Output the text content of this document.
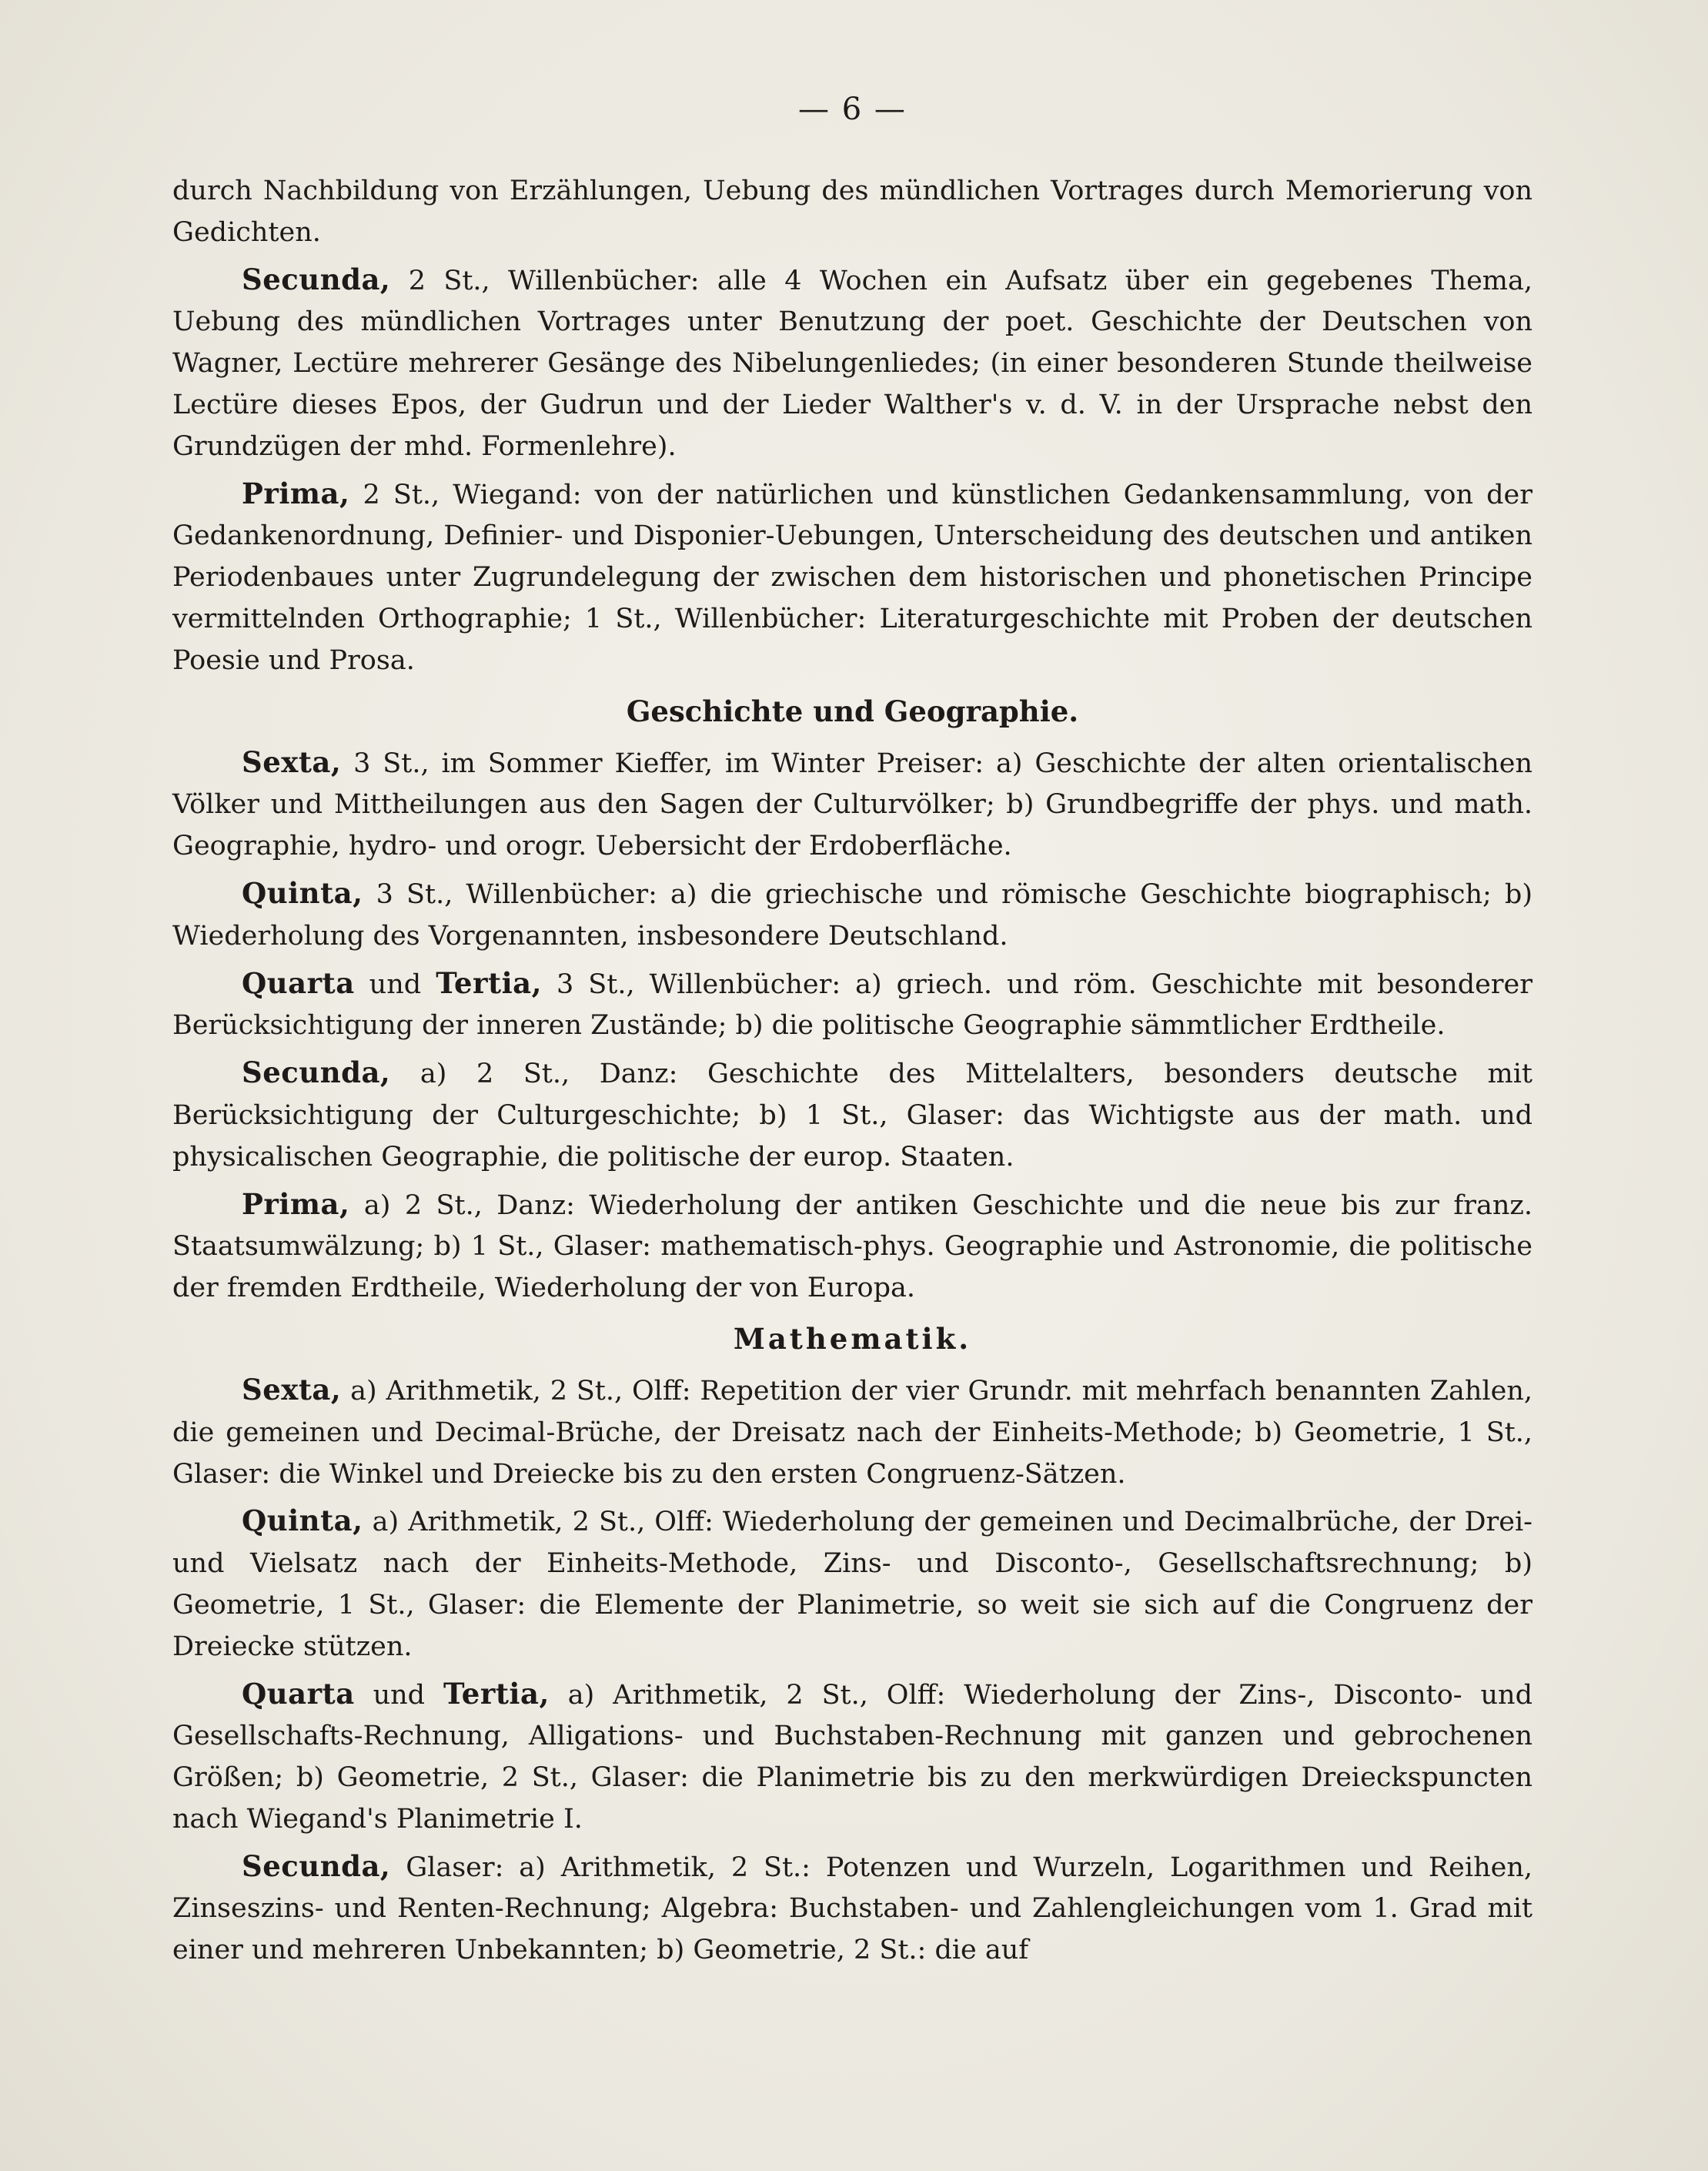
— 6 —

durch Nachbildung von Erzählungen, Uebung des mündlichen Vortrages durch Memorierung von Gedichten.

Secunda, 2 St., Willenbücher: alle 4 Wochen ein Aufsatz über ein gegebenes Thema, Uebung des mündlichen Vortrages unter Benutzung der poet. Geschichte der Deutschen von Wagner, Lectüre mehrerer Gesänge des Nibelungenliedes; (in einer besonderen Stunde theilweise Lectüre dieses Epos, der Gudrun und der Lieder Walther's v. d. V. in der Ursprache nebst den Grundzügen der mhd. Formenlehre).

Prima, 2 St., Wiegand: von der natürlichen und künstlichen Gedankensammlung, von der Gedankenordnung, Definier- und Disponier-Uebungen, Unterscheidung des deutschen und antiken Periodenbaues unter Zugrundelegung der zwischen dem historischen und phonetischen Principe vermittelnden Orthographie; 1 St., Willenbücher: Literaturgeschichte mit Proben der deutschen Poesie und Prosa.

Geschichte und Geographie.

Sexta, 3 St., im Sommer Kieffer, im Winter Preiser: a) Geschichte der alten orientalischen Völker und Mittheilungen aus den Sagen der Culturvölker; b) Grundbegriffe der phys. und math. Geographie, hydro- und orogr. Uebersicht der Erdoberfläche.

Quinta, 3 St., Willenbücher: a) die griechische und römische Geschichte biographisch; b) Wiederholung des Vorgenannten, insbesondere Deutschland.

Quarta und Tertia, 3 St., Willenbücher: a) griech. und röm. Geschichte mit besonderer Berücksichtigung der inneren Zustände; b) die politische Geographie sämmtlicher Erdtheile.

Secunda, a) 2 St., Danz: Geschichte des Mittelalters, besonders deutsche mit Berücksichtigung der Culturgeschichte; b) 1 St., Glaser: das Wichtigste aus der math. und physicalischen Geographie, die politische der europ. Staaten.

Prima, a) 2 St., Danz: Wiederholung der antiken Geschichte und die neue bis zur franz. Staatsumwälzung; b) 1 St., Glaser: mathematisch-phys. Geographie und Astronomie, die politische der fremden Erdtheile, Wiederholung der von Europa.

Mathematik.

Sexta, a) Arithmetik, 2 St., Olff: Repetition der vier Grundr. mit mehrfach benannten Zahlen, die gemeinen und Decimal-Brüche, der Dreisatz nach der Einheits-Methode; b) Geometrie, 1 St., Glaser: die Winkel und Dreiecke bis zu den ersten Congruenz-Sätzen.

Quinta, a) Arithmetik, 2 St., Olff: Wiederholung der gemeinen und Decimalbrüche, der Drei- und Vielsatz nach der Einheits-Methode, Zins- und Disconto-, Gesellschaftsrechnung; b) Geometrie, 1 St., Glaser: die Elemente der Planimetrie, so weit sie sich auf die Congruenz der Dreiecke stützen.

Quarta und Tertia, a) Arithmetik, 2 St., Olff: Wiederholung der Zins-, Disconto- und Gesellschafts-Rechnung, Alligations- und Buchstaben-Rechnung mit ganzen und gebrochenen Größen; b) Geometrie, 2 St., Glaser: die Planimetrie bis zu den merkwürdigen Dreieckspuncten nach Wiegand's Planimetrie I.

Secunda, Glaser: a) Arithmetik, 2 St.: Potenzen und Wurzeln, Logarithmen und Reihen, Zinseszins- und Renten-Rechnung; Algebra: Buchstaben- und Zahlengleichungen vom 1. Grad mit einer und mehreren Unbekannten; b) Geometrie, 2 St.: die auf
